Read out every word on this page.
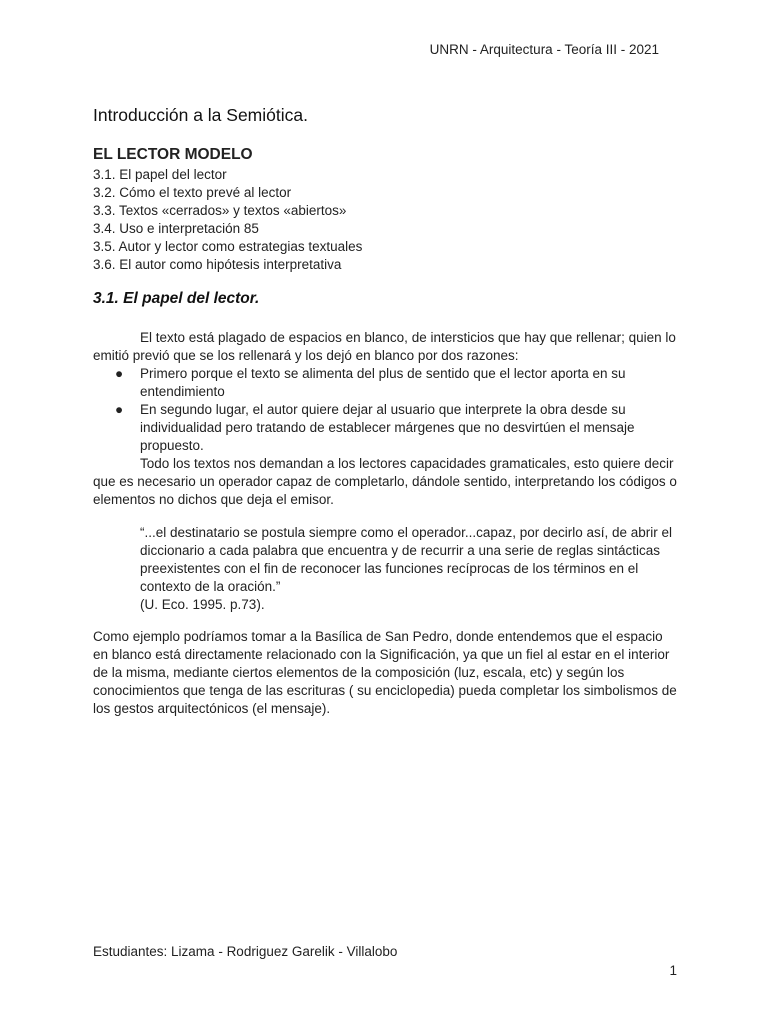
UNRN - Arquitectura - Teoría III - 2021
Introducción a la Semiótica.
EL LECTOR MODELO
3.1. El papel del lector
3.2. Cómo el texto prevé al lector
3.3. Textos «cerrados» y textos «abiertos»
3.4. Uso e interpretación 85
3.5. Autor y lector como estrategias textuales
3.6. El autor como hipótesis interpretativa
3.1. El papel del lector.

El texto está plagado de espacios en blanco, de intersticios que hay que rellenar; quien lo emitió previó que se los rellenará y los dejó en blanco por dos razones:

● Primero porque el texto se alimenta del plus de sentido que el lector aporta en su entendimiento
● En segundo lugar, el autor quiere dejar al usuario que interprete la obra desde su individualidad pero tratando de establecer márgenes que no desvirtúen el mensaje propuesto.

Todo los textos nos demandan a los lectores capacidades gramaticales, esto quiere decir que es necesario un operador capaz de completarlo, dándole sentido, interpretando los códigos o elementos no dichos que deja el emisor.

“...el destinatario se postula siempre como el operador...capaz, por decirlo así, de abrir el diccionario a cada palabra que encuentra y de recurrir a una serie de reglas sintácticas preexistentes con el fin de reconocer las funciones recíprocas de los términos en el contexto de la oración.”

(U. Eco. 1995. p.73).

Como ejemplo podríamos tomar a la Basílica de San Pedro, donde entendemos que el espacio en blanco está directamente relacionado con la Significación, ya que un fiel al estar en el interior de la misma, mediante ciertos elementos de la composición (luz, escala, etc) y según los conocimientos que tenga de las escrituras ( su enciclopedia) pueda completar los simbolismos de los gestos arquitectónicos (el mensaje).

Estudiantes: Lizama - Rodriguez Garelik - Villalobo
1
